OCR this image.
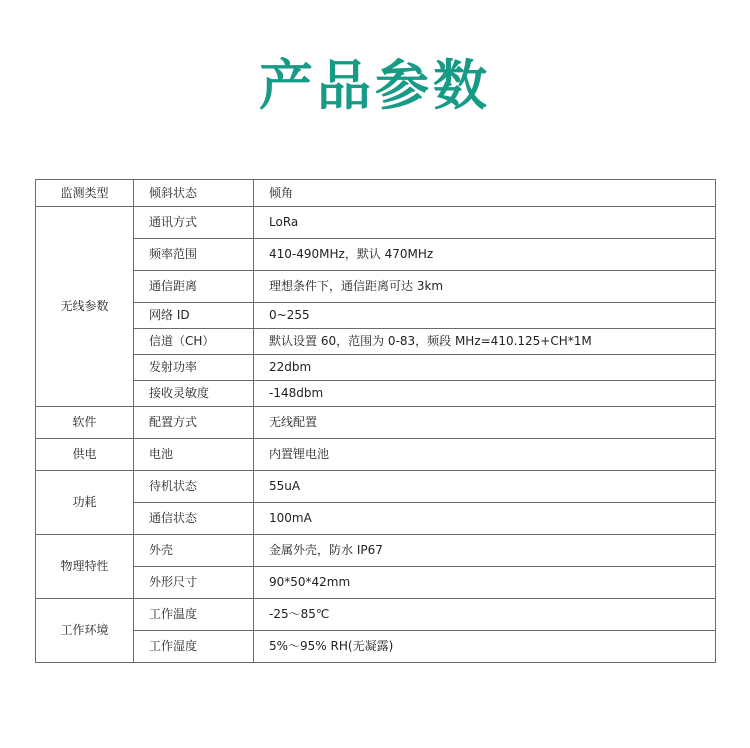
产品参数
监测类型	倾斜状态	倾角
无线参数	通讯方式	LoRa
	频率范围	410-490MHz，默认 470MHz
	通信距离	理想条件下，通信距离可达 3km
	网络 ID	0~255
	信道（CH）	默认设置 60，范围为 0-83，频段 MHz=410.125+CH*1M
	发射功率	22dbm
	接收灵敏度	-148dbm
软件	配置方式	无线配置
供电	电池	内置锂电池
功耗	待机状态	55uA
	通信状态	100mA
物理特性	外壳	金属外壳，防水 IP67
	外形尺寸	90*50*42mm
工作环境	工作温度	-25～85℃
	工作湿度	5%～95% RH(无凝露)
